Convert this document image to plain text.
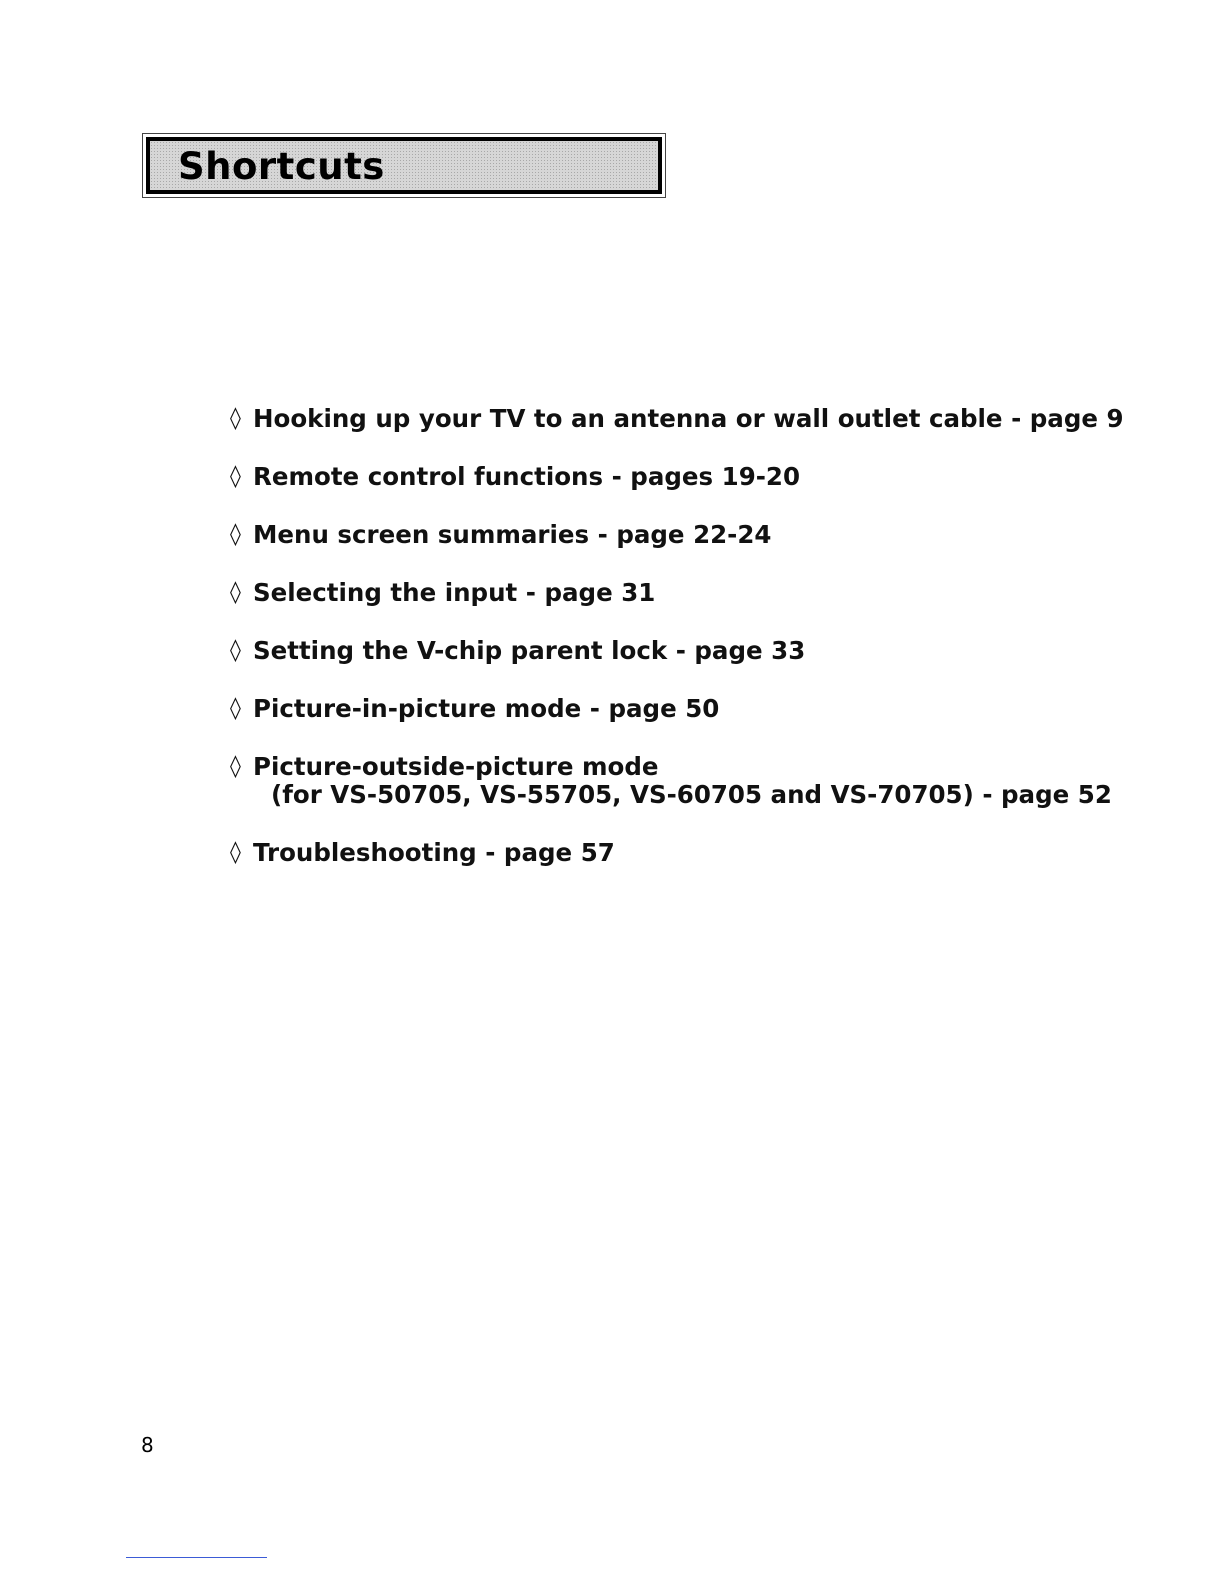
Shortcuts
◊ Hooking up your TV to an antenna or wall outlet cable - page 9
◊ Remote control functions - pages 19-20
◊ Menu screen summaries - page 22-24
◊ Selecting the input - page 31
◊ Setting the V-chip parent lock - page 33
◊ Picture-in-picture mode - page 50
◊ Picture-outside-picture mode
(for VS-50705, VS-55705, VS-60705 and VS-70705) - page 52
◊ Troubleshooting - page 57
8
